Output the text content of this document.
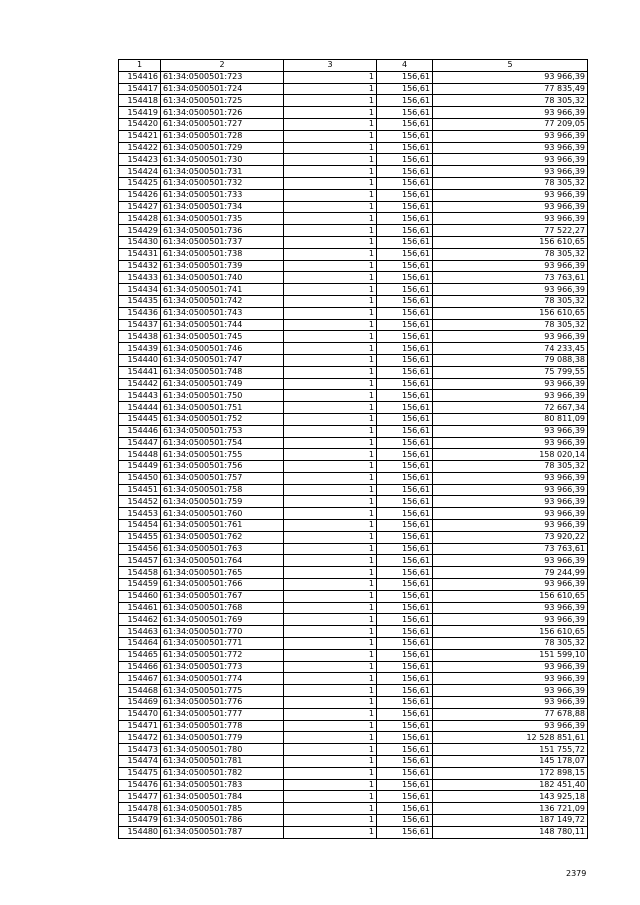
1	2	3	4	5
154416	61:34:0500501:723	1	156,61	93 966,39
154417	61:34:0500501:724	1	156,61	77 835,49
154418	61:34:0500501:725	1	156,61	78 305,32
154419	61:34:0500501:726	1	156,61	93 966,39
154420	61:34:0500501:727	1	156,61	77 209,05
154421	61:34:0500501:728	1	156,61	93 966,39
154422	61:34:0500501:729	1	156,61	93 966,39
154423	61:34:0500501:730	1	156,61	93 966,39
154424	61:34:0500501:731	1	156,61	93 966,39
154425	61:34:0500501:732	1	156,61	78 305,32
154426	61:34:0500501:733	1	156,61	93 966,39
154427	61:34:0500501:734	1	156,61	93 966,39
154428	61:34:0500501:735	1	156,61	93 966,39
154429	61:34:0500501:736	1	156,61	77 522,27
154430	61:34:0500501:737	1	156,61	156 610,65
154431	61:34:0500501:738	1	156,61	78 305,32
154432	61:34:0500501:739	1	156,61	93 966,39
154433	61:34:0500501:740	1	156,61	73 763,61
154434	61:34:0500501:741	1	156,61	93 966,39
154435	61:34:0500501:742	1	156,61	78 305,32
154436	61:34:0500501:743	1	156,61	156 610,65
154437	61:34:0500501:744	1	156,61	78 305,32
154438	61:34:0500501:745	1	156,61	93 966,39
154439	61:34:0500501:746	1	156,61	74 233,45
154440	61:34:0500501:747	1	156,61	79 088,38
154441	61:34:0500501:748	1	156,61	75 799,55
154442	61:34:0500501:749	1	156,61	93 966,39
154443	61:34:0500501:750	1	156,61	93 966,39
154444	61:34:0500501:751	1	156,61	72 667,34
154445	61:34:0500501:752	1	156,61	80 811,09
154446	61:34:0500501:753	1	156,61	93 966,39
154447	61:34:0500501:754	1	156,61	93 966,39
154448	61:34:0500501:755	1	156,61	158 020,14
154449	61:34:0500501:756	1	156,61	78 305,32
154450	61:34:0500501:757	1	156,61	93 966,39
154451	61:34:0500501:758	1	156,61	93 966,39
154452	61:34:0500501:759	1	156,61	93 966,39
154453	61:34:0500501:760	1	156,61	93 966,39
154454	61:34:0500501:761	1	156,61	93 966,39
154455	61:34:0500501:762	1	156,61	73 920,22
154456	61:34:0500501:763	1	156,61	73 763,61
154457	61:34:0500501:764	1	156,61	93 966,39
154458	61:34:0500501:765	1	156,61	79 244,99
154459	61:34:0500501:766	1	156,61	93 966,39
154460	61:34:0500501:767	1	156,61	156 610,65
154461	61:34:0500501:768	1	156,61	93 966,39
154462	61:34:0500501:769	1	156,61	93 966,39
154463	61:34:0500501:770	1	156,61	156 610,65
154464	61:34:0500501:771	1	156,61	78 305,32
154465	61:34:0500501:772	1	156,61	151 599,10
154466	61:34:0500501:773	1	156,61	93 966,39
154467	61:34:0500501:774	1	156,61	93 966,39
154468	61:34:0500501:775	1	156,61	93 966,39
154469	61:34:0500501:776	1	156,61	93 966,39
154470	61:34:0500501:777	1	156,61	77 678,88
154471	61:34:0500501:778	1	156,61	93 966,39
154472	61:34:0500501:779	1	156,61	12 528 851,61
154473	61:34:0500501:780	1	156,61	151 755,72
154474	61:34:0500501:781	1	156,61	145 178,07
154475	61:34:0500501:782	1	156,61	172 898,15
154476	61:34:0500501:783	1	156,61	182 451,40
154477	61:34:0500501:784	1	156,61	143 925,18
154478	61:34:0500501:785	1	156,61	136 721,09
154479	61:34:0500501:786	1	156,61	187 149,72
154480	61:34:0500501:787	1	156,61	148 780,11
2379
